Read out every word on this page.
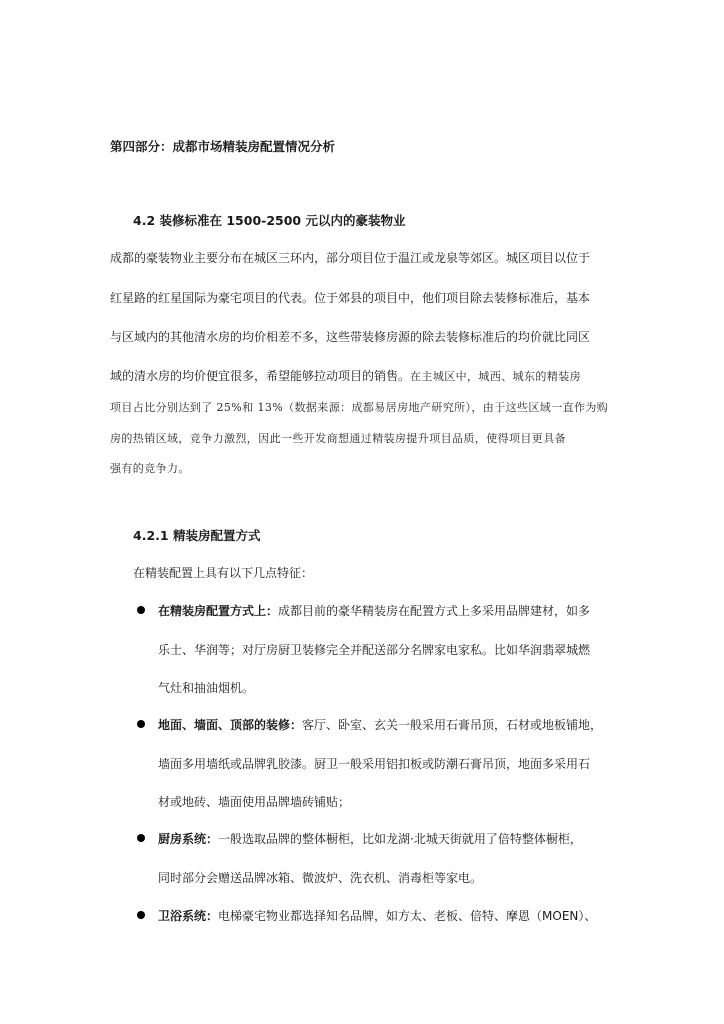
第四部分：成都市场精装房配置情况分析
4.2 装修标准在 1500-2500 元以内的豪装物业
成都的豪装物业主要分布在城区三环内，部分项目位于温江或龙泉等郊区。城区项目以位于
红星路的红星国际为豪宅项目的代表。位于郊县的项目中，他们项目除去装修标准后，基本
与区域内的其他清水房的均价相差不多，这些带装修房源的除去装修标准后的均价就比同区
域的清水房的均价便宜很多，希望能够拉动项目的销售。在主城区中，城西、城东的精装房
项目占比分别达到了 25%和 13%（数据来源：成都易居房地产研究所），由于这些区域一直作为购
房的热销区域，竞争力激烈，因此一些开发商想通过精装房提升项目品质，使得项目更具备
强有的竞争力。
4.2.1 精装房配置方式
在精装配置上具有以下几点特征：
在精装房配置方式上：成都目前的豪华精装房在配置方式上多采用品牌建材，如多
乐士、华润等；对厅房厨卫装修完全并配送部分名牌家电家私。比如华润翡翠城燃
气灶和抽油烟机。
地面、墙面、顶部的装修：客厅、卧室、玄关一般采用石膏吊顶，石材或地板铺地，
墙面多用墙纸或品牌乳胶漆。厨卫一般采用铝扣板或防潮石膏吊顶，地面多采用石
材或地砖、墙面使用品牌墙砖铺贴；
厨房系统：一般选取品牌的整体橱柜，比如龙湖·北城天街就用了倍特整体橱柜，
同时部分会赠送品牌冰箱、微波炉、洗衣机、消毒柜等家电。
卫浴系统：电梯豪宅物业都选择知名品牌，如方太、老板、倍特、摩恩（MOEN）、
